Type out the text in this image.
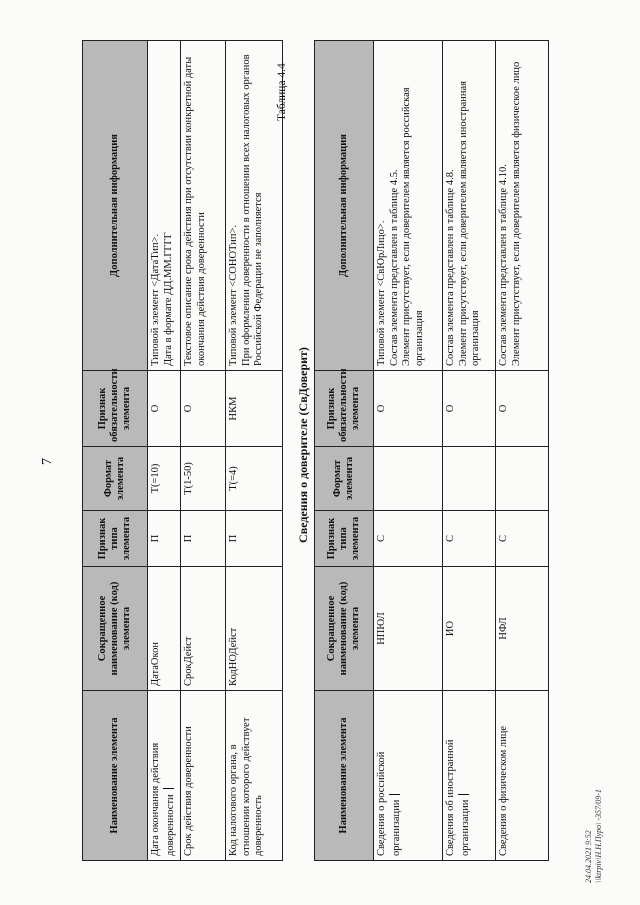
7
Наименование элемента	Сокращенное наименование (код) элемента	Признак типа элемента	Формат элемента	Признак обязательности элемента	Дополнительная информация
Дата окончания действия доверенности	ДатаОкон	П	T(=10)	О	Типовой элемент <ДатаТип>. Дата в формате ДД.ММ.ГГГГ

Срок действия доверенности	СрокДейст	П	T(1-50)	О	Текстовое описание срока действия при отсутствии конкретной даты окончания действия доверенности
Код налогового органа, в отношении которого действует доверенность	КодНОДейст	П	T(=4)	НКМ	Типовой элемент <СОНОТип>. При оформлении доверенности в отношении всех налоговых органов Российской Федерации не заполняется
Таблица 4.4
Сведения о доверителе (СвДоверит)
Наименование элемента	Сокращенное наименование (код) элемента	Признак типа элемента	Формат элемента	Признак обязательности элемента	Дополнительная информация
Сведения о российской организации	НПЮЛ	С		О	Типовой элемент <СвЮрЛицо>. Состав элемента представлен в таблице 4.5. Элемент присутствует, если доверителем является российская организация

Сведения об иностранной организации	ИО	С		О	Состав элемента представлен в таблице 4.8. Элемент присутствует, если доверителем является иностранная организация

Сведения о физическом лице	НФЛ	С		О	Состав элемента представлен в таблице 4.10. Элемент присутствует, если доверителем является физическое лицо
24.04.2021 9:52 \\ktrpiv\Н.Н.Пуро\ -357/09-1
